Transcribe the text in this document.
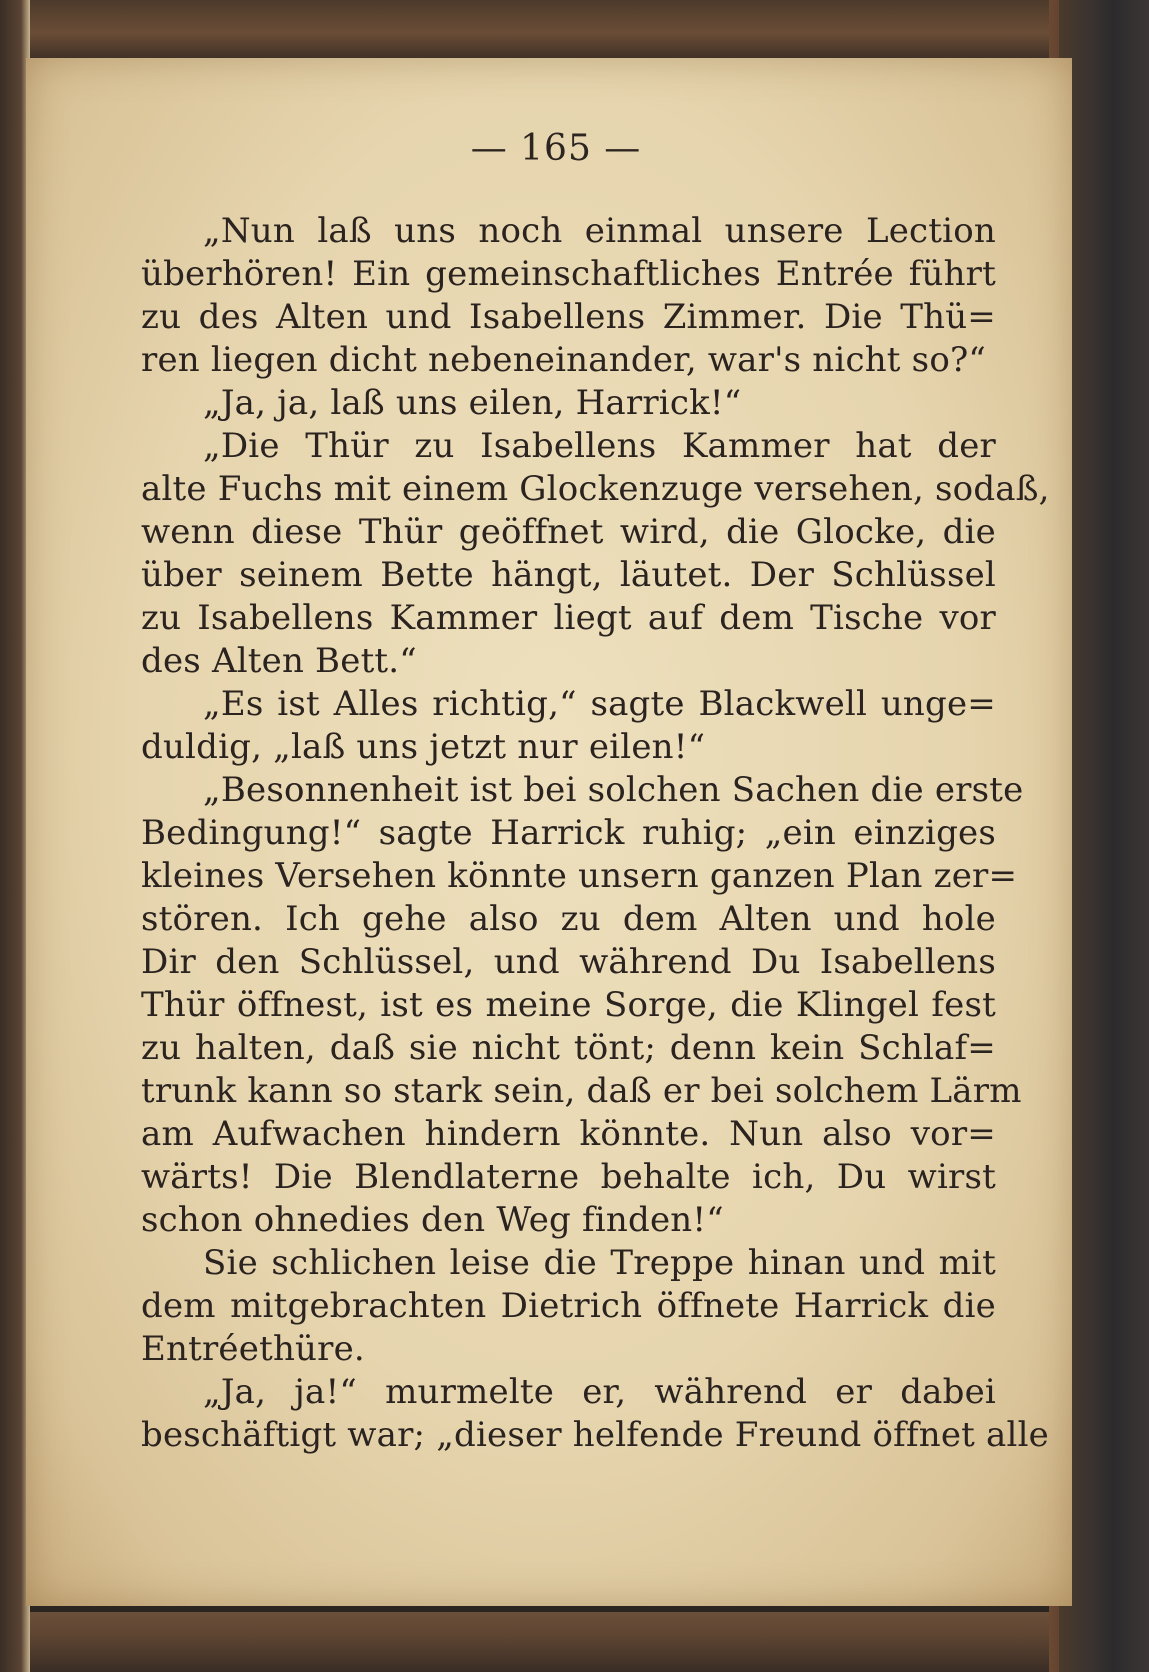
— 165 —
„Nun laß uns noch einmal unsere Lection
überhören! Ein gemeinschaftliches Entrée führt
zu des Alten und Isabellens Zimmer. Die Thü=
ren liegen dicht nebeneinander, war's nicht so?“
„Ja, ja, laß uns eilen, Harrick!“
„Die Thür zu Isabellens Kammer hat der
alte Fuchs mit einem Glockenzuge versehen, sodaß,
wenn diese Thür geöffnet wird, die Glocke, die
über seinem Bette hängt, läutet. Der Schlüssel
zu Isabellens Kammer liegt auf dem Tische vor
des Alten Bett.“
„Es ist Alles richtig,“ sagte Blackwell unge=
duldig, „laß uns jetzt nur eilen!“
„Besonnenheit ist bei solchen Sachen die erste
Bedingung!“ sagte Harrick ruhig; „ein einziges
kleines Versehen könnte unsern ganzen Plan zer=
stören. Ich gehe also zu dem Alten und hole
Dir den Schlüssel, und während Du Isabellens
Thür öffnest, ist es meine Sorge, die Klingel fest
zu halten, daß sie nicht tönt; denn kein Schlaf=
trunk kann so stark sein, daß er bei solchem Lärm
am Aufwachen hindern könnte. Nun also vor=
wärts! Die Blendlaterne behalte ich, Du wirst
schon ohnedies den Weg finden!“
Sie schlichen leise die Treppe hinan und mit
dem mitgebrachten Dietrich öffnete Harrick die
Entréethüre.
„Ja, ja!“ murmelte er, während er dabei
beschäftigt war; „dieser helfende Freund öffnet alle
